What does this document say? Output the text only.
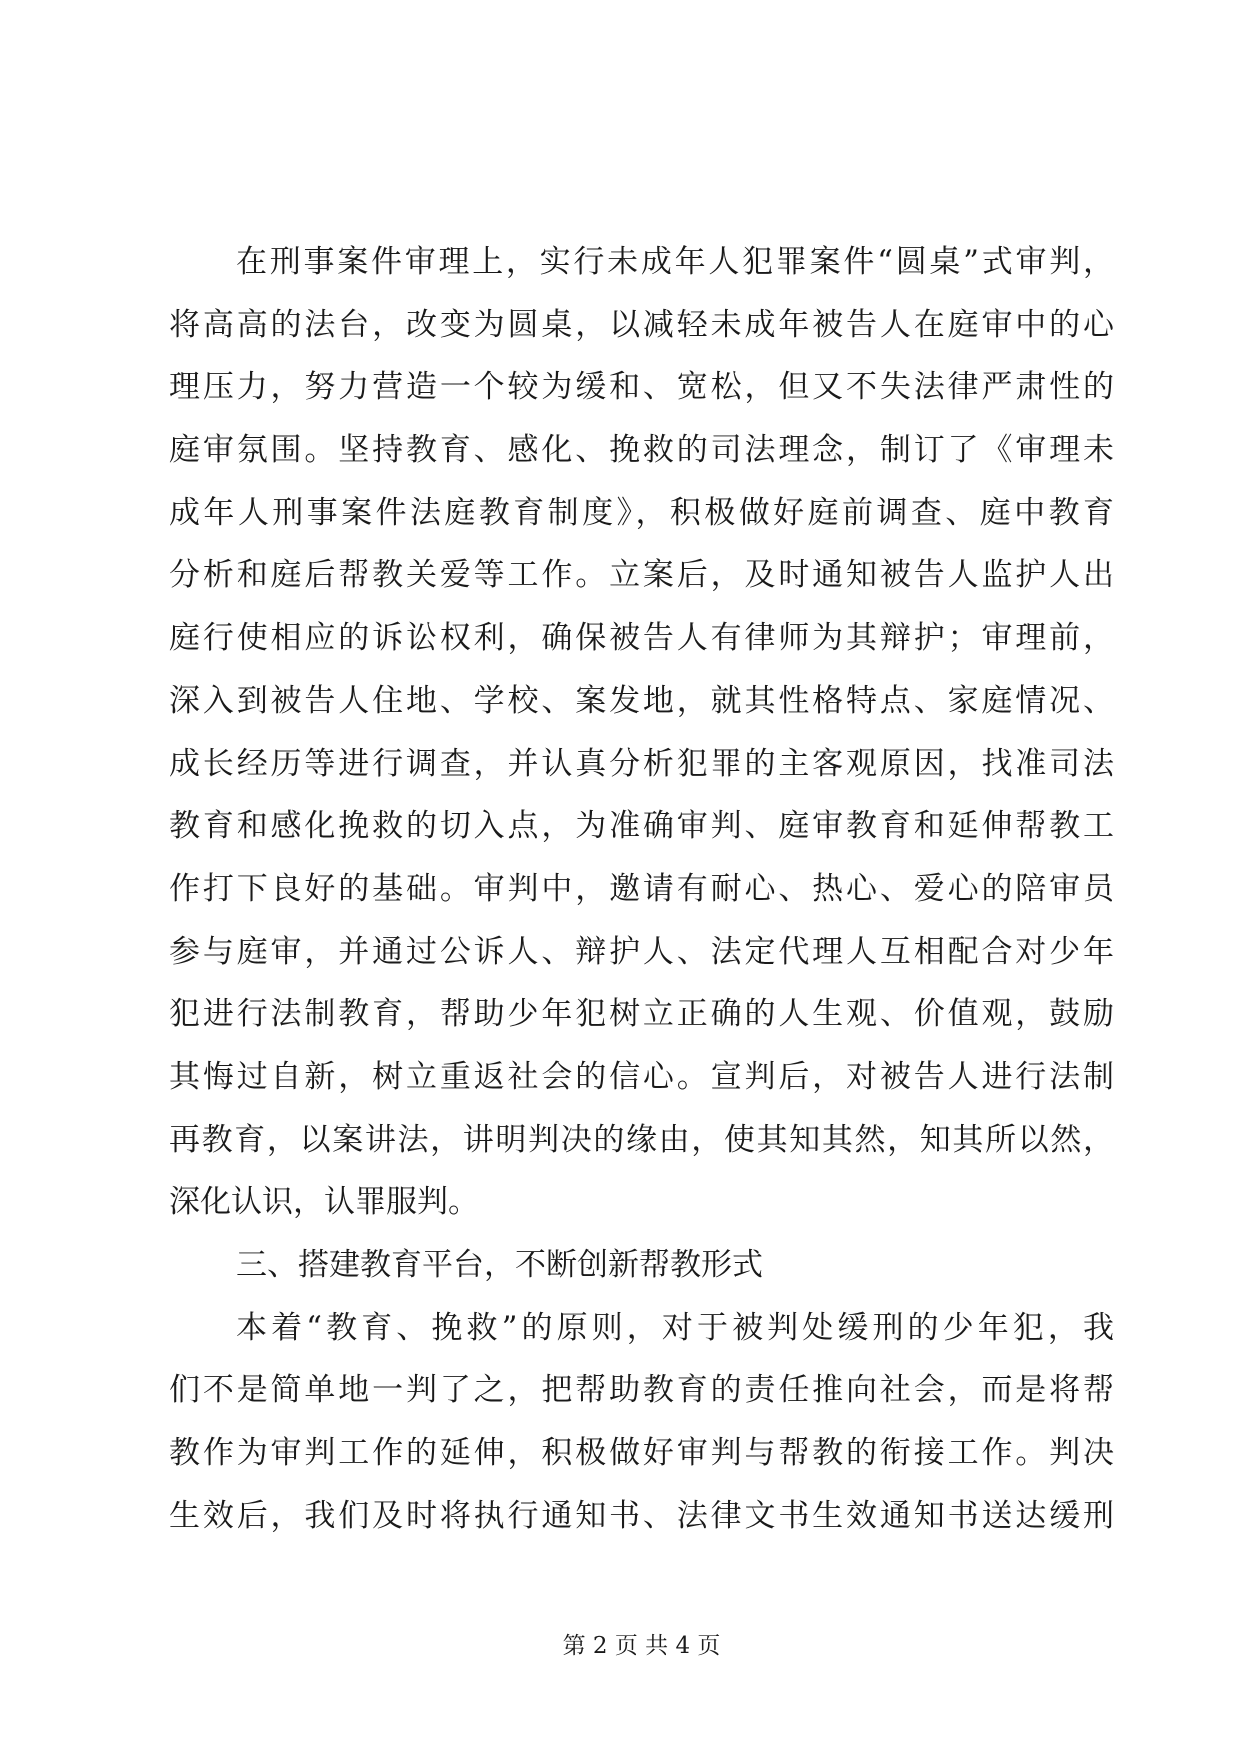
在刑事案件审理上，实行未成年人犯罪案件“圆桌”式审判，
将高高的法台，改变为圆桌，以减轻未成年被告人在庭审中的心
理压力，努力营造一个较为缓和、宽松，但又不失法律严肃性的
庭审氛围。坚持教育、感化、挽救的司法理念，制订了《审理未
成年人刑事案件法庭教育制度》，积极做好庭前调查、庭中教育
分析和庭后帮教关爱等工作。立案后，及时通知被告人监护人出
庭行使相应的诉讼权利，确保被告人有律师为其辩护；审理前，
深入到被告人住地、学校、案发地，就其性格特点、家庭情况、
成长经历等进行调查，并认真分析犯罪的主客观原因，找准司法
教育和感化挽救的切入点，为准确审判、庭审教育和延伸帮教工
作打下良好的基础。审判中，邀请有耐心、热心、爱心的陪审员
参与庭审，并通过公诉人、辩护人、法定代理人互相配合对少年
犯进行法制教育，帮助少年犯树立正确的人生观、价值观，鼓励
其悔过自新，树立重返社会的信心。宣判后，对被告人进行法制
再教育，以案讲法，讲明判决的缘由，使其知其然，知其所以然，
深化认识，认罪服判。
三、搭建教育平台，不断创新帮教形式
本着“教育、挽救”的原则，对于被判处缓刑的少年犯，我
们不是简单地一判了之，把帮助教育的责任推向社会，而是将帮
教作为审判工作的延伸，积极做好审判与帮教的衔接工作。判决
生效后，我们及时将执行通知书、法律文书生效通知书送达缓刑
第 2 页 共 4 页
